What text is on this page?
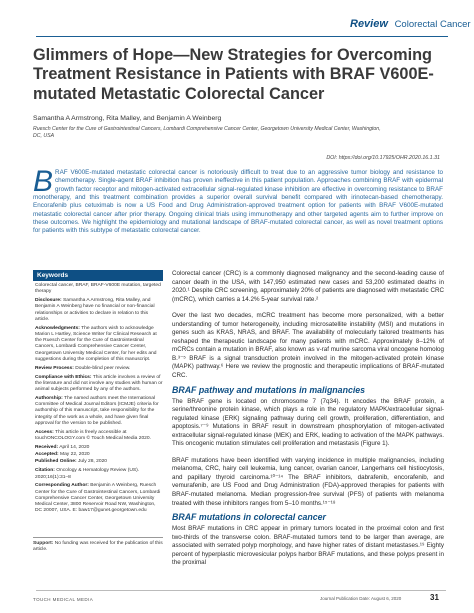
Review Colorectal Cancer
Glimmers of Hope—New Strategies for Overcoming Treatment Resistance in Patients with BRAF V600E-mutated Metastatic Colorectal Cancer
Samantha A Armstrong, Rita Malley, and Benjamin A Weinberg
Ruesch Center for the Cure of Gastrointestinal Cancers, Lombardi Comprehensive Cancer Center, Georgetown University Medical Center, Washington, DC, USA
DOI: https://doi.org/10.17925/OHR.2020.16.1.31
B RAF V600E-mutated metastatic colorectal cancer is notoriously difficult to treat due to an aggressive tumor biology and resistance to chemotherapy. Single-agent BRAF inhibition has proven ineffective in this patient population. Approaches combining BRAF with epidermal growth factor receptor and mitogen-activated extracellular signal-regulated kinase inhibition are effective in overcoming resistance to BRAF monotherapy, and this treatment combination provides a superior overall survival benefit compared with irinotecan-based chemotherapy. Encorafenib plus cetuximab is now a US Food and Drug Administration-approved treatment option for patients with BRAF V600E-mutated metastatic colorectal cancer after prior therapy. Ongoing clinical trials using immunotherapy and other targeted agents aim to further improve on these outcomes. We highlight the epidemiology and mutational landscape of BRAF-mutated colorectal cancer, as well as novel treatment options for patients with this subtype of metastatic colorectal cancer.
Keywords

Colorectal cancer, BRAF, BRAF-V600E mutation, targeted therapy

Disclosure: Samantha A Armstrong, Rita Malley, and Benjamin A Weinberg have no financial or non-financial relationships or activities to declare in relation to this article.

Acknowledgments: The authors wish to acknowledge Marion L Hartley, Science Writer for Clinical Research at the Ruesch Center for the Cure of Gastrointestinal Cancers, Lombardi Comprehensive Cancer Center, Georgetown University Medical Center, for her edits and suggestions during the completion of this manuscript.

Review Process: Double-blind peer review.

Compliance with Ethics: This article involves a review of the literature and did not involve any studies with human or animal subjects performed by any of the authors.

Authorship: The named authors meet the International Committee of Medical Journal Editors (ICMJE) criteria for authorship of this manuscript, take responsibility for the integrity of the work as a whole, and have given final approval for the version to be published.

Access: This article is freely accessible at touchONCOLOGY.com © Touch Medical Media 2020.

Received: April 14, 2020

Accepted: May 22, 2020

Published Online: July 28, 2020

Citation: Oncology & Hematology Review (US). 2020;16(1):31–8

Corresponding Author: Benjamin A Weinberg, Ruesch Center for the Cure of Gastrointestinal Cancers, Lombardi Comprehensive Cancer Center, Georgetown University Medical Center, 3800 Reservoir Road NW, Washington, DC 20007, USA. E: baw17@gunet.georgetown.edu

Support: No funding was received for the publication of this article.

Colorectal cancer (CRC) is a commonly diagnosed malignancy and the second-leading cause of cancer death in the USA, with 147,950 estimated new cases and 53,200 estimated deaths in 2020.¹ Despite CRC screening, approximately 20% of patients are diagnosed with metastatic CRC (mCRC), which carries a 14.2% 5-year survival rate.²

Over the last two decades, mCRC treatment has become more personalized, with a better understanding of tumor heterogeneity, including microsatellite instability (MSI) and mutations in genes such as KRAS, NRAS, and BRAF. The availability of molecularly tailored treatments has reshaped the therapeutic landscape for many patients with mCRC. Approximately 8–12% of mCRCs contain a mutation in BRAF, also known as v-raf murine sarcoma viral oncogene homolog B.³⁻⁵ BRAF is a signal transduction protein involved in the mitogen-activated protein kinase (MAPK) pathway.⁶ Here we review the prognostic and therapeutic implications of BRAF-mutated CRC.

BRAF pathway and mutations in malignancies

The BRAF gene is located on chromosome 7 (7q34). It encodes the BRAF protein, a serine/threonine protein kinase, which plays a role in the regulatory MAPK/extracellular signal-regulated kinase (ERK) signaling pathway during cell growth, proliferation, differentiation, and apoptosis.⁷⁻⁹ Mutations in BRAF result in downstream phosphorylation of mitogen-activated extracellular signal-regulated kinase (MEK) and ERK, leading to activation of the MAPK pathways. This oncogenic mutation stimulates cell proliferation and metastasis (Figure 1).

BRAF mutations have been identified with varying incidence in multiple malignancies, including melanoma, CRC, hairy cell leukemia, lung cancer, ovarian cancer, Langerhans cell histiocytosis, and papillary thyroid carcinoma.¹⁰⁻¹⁴ The BRAF inhibitors, dabrafenib, encorafenib, and vemurafenib, are US Food and Drug Administration (FDA)-approved therapies for patients with BRAF-mutated melanoma. Median progression-free survival (PFS) of patients with melanoma treated with these inhibitors ranges from 5–10 months.¹⁵⁻¹⁸

BRAF mutations in colorectal cancer

Most BRAF mutations in CRC appear in primary tumors located in the proximal colon and first two-thirds of the transverse colon. BRAF-mutated tumors tend to be larger than average, are associated with serrated polyp morphology, and have higher rates of distant metastases.¹⁹ Eighty percent of hyperplastic microvesicular polyps harbor BRAF mutations, and these polyps present in the proximal

TOUCH MEDICAL MEDIA	Journal Publication Date: August 6, 2020	31
